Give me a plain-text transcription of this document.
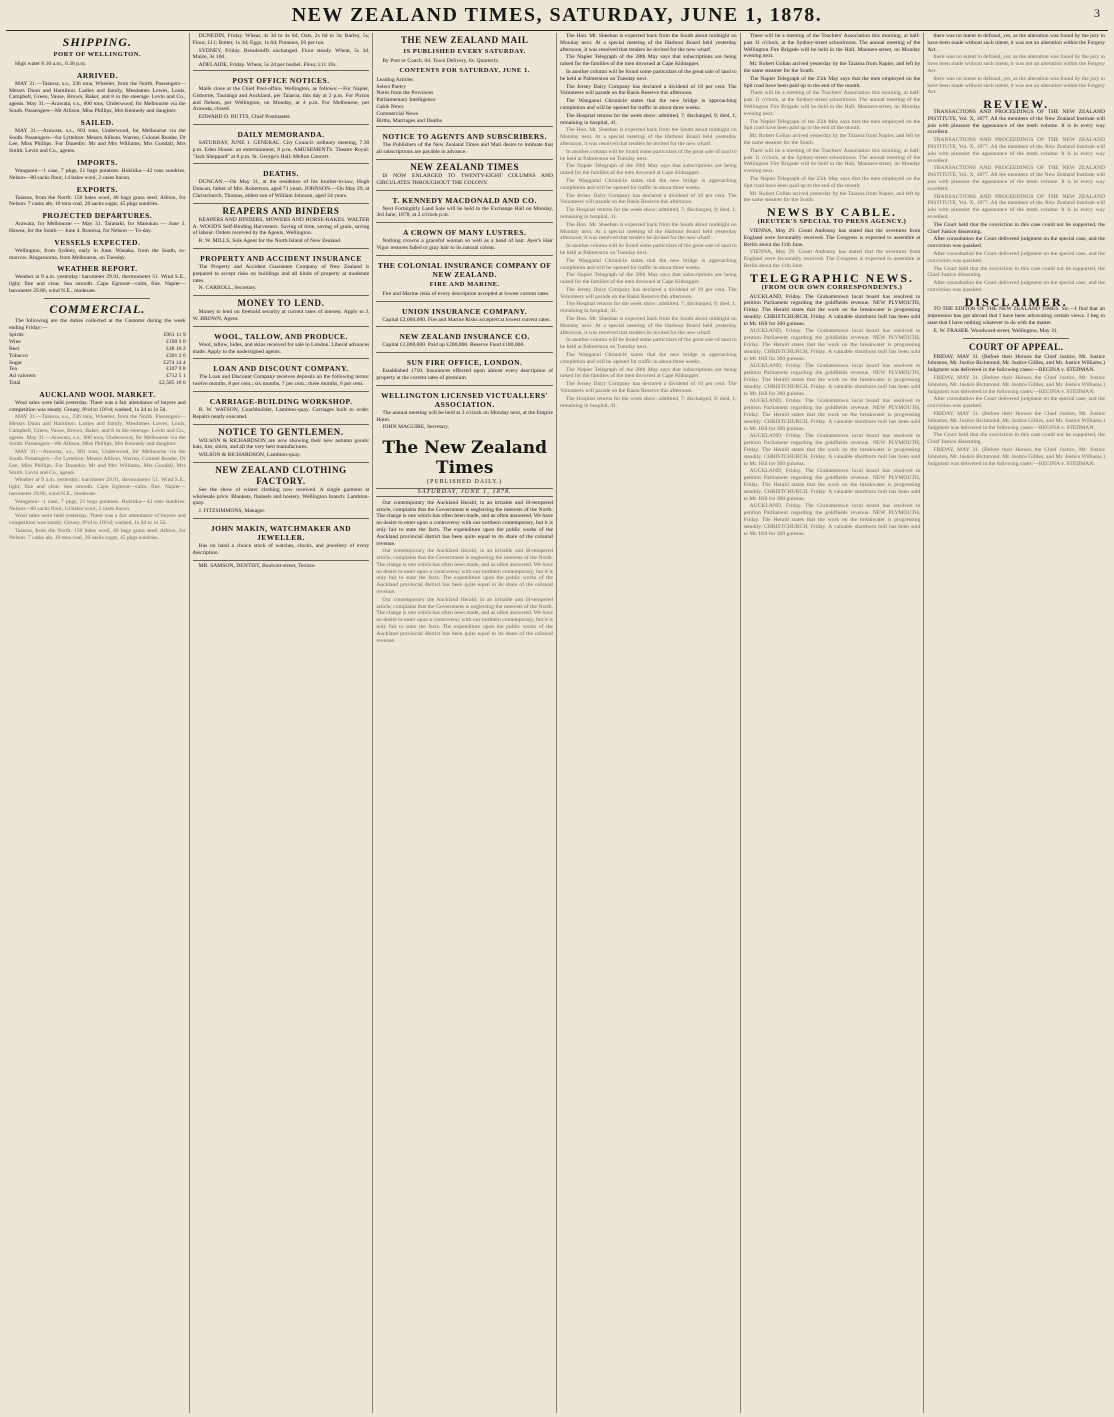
NEW ZEALAND TIMES, SATURDAY, JUNE 1, 1878.	3
SHIPPING.
PORT OF WELLINGTON.

High water 6.10 a.m., 6.38 p.m.

ARRIVED.

MAY 31.—Taiaroa, s.s., 236 tons, Wheeler, from the North. Passengers—Messrs Dunn and Hamilton. Ladies and family, Mesdames Lowes, Louis, Campbell, Green, Vause, Brown, Baker, and 8 in the steerage. Levin and Co., agents. May 31.—Arawata, s.s., 600 tons, Underwood, for Melbourne via the South. Passengers—Mr Allison, Miss Phillips, Mrs Kennedy and daughter.

SAILED.

MAY 31.—Arawata, s.s., 601 tons, Underwood, for Melbourne via the South. Passengers—for Lyttelton: Messrs Allison, Warren, Colonel Reader, Dr Lee, Miss Phillips. For Dunedin: Mr and Mrs Williams, Mrs Goodall, Mrs Smith. Levin and Co., agents.

IMPORTS.

Wanganui—1 case, 7 pkgs, 21 bags potatoes. Hokitika—42 tons sundries. Nelson—80 sacks flour, 14 bales wool, 2 cases bacon.

EXPORTS.

Taiaroa, from the North: 150 bales wool, 40 bags grass seed. Albion, for Nelson: 7 casks ale, 10 tons coal, 20 sacks sugar, 45 pkgs sundries.

PROJECTED DEPARTURES.

Arawata, for Melbourne — May 31. Taranaki, for Manukau — June 3. Hawea, for the South — June 4. Rotorua, for Nelson — To-day.

VESSELS EXPECTED.

Wellington, from Sydney, early in June. Wanaka, from the South, to-morrow. Ringarooma, from Melbourne, on Tuesday.

WEATHER REPORT.

Weather at 9 a.m. yesterday: barometer 29.91, thermometer 51. Wind S.E., light; fine and clear. Sea smooth. Cape Egmont—calm, fine. Napier—barometer 29.86, wind N.E., moderate.

COMMERCIAL.

The following are the duties collected at the Customs during the week ending Friday:—

Spirits	£961 11 9
Wine	£180 3 0
Beer	£48 10 2
Tobacco	£301 2 6
Sugar	£274 14 4
Tea	£107 9 8
Ad valorem	£712 5 1
Total	£2,585 16 6
AUCKLAND WOOL MARKET.

Wool sales were held yesterday. There was a fair attendance of buyers and competition was steady. Greasy, 8½d to 10½d; washed, 1s 2d to 1s 5d.

MAY 31.—Taiaroa, s.s., 236 tons, Wheeler, from the North. Passengers—Messrs Dunn and Hamilton. Ladies and family, Mesdames Lowes, Louis, Campbell, Green, Vause, Brown, Baker, and 8 in the steerage. Levin and Co., agents. May 31.—Arawata, s.s., 600 tons, Underwood, for Melbourne via the South. Passengers—Mr Allison, Miss Phillips, Mrs Kennedy and daughter.

MAY 31.—Arawata, s.s., 601 tons, Underwood, for Melbourne via the South. Passengers—for Lyttelton: Messrs Allison, Warren, Colonel Reader, Dr Lee, Miss Phillips. For Dunedin: Mr and Mrs Williams, Mrs Goodall, Mrs Smith. Levin and Co., agents.

Weather at 9 a.m. yesterday: barometer 29.91, thermometer 51. Wind S.E., light; fine and clear. Sea smooth. Cape Egmont—calm, fine. Napier—barometer 29.86, wind N.E., moderate.

Wanganui—1 case, 7 pkgs, 21 bags potatoes. Hokitika—42 tons sundries. Nelson—80 sacks flour, 14 bales wool, 2 cases bacon.

Wool sales were held yesterday. There was a fair attendance of buyers and competition was steady. Greasy, 8½d to 10½d; washed, 1s 2d to 1s 5d.

Taiaroa, from the North: 150 bales wool, 40 bags grass seed. Albion, for Nelson: 7 casks ale, 10 tons coal, 20 sacks sugar, 45 pkgs sundries.

DUNEDIN, Friday. Wheat, 4s 3d to 4s 6d; Oats, 2s 6d to 3s; Barley, 5s; Flour, £11; Butter, 1s 3d; Eggs, 1s 6d; Potatoes, £6 per ton.

SYDNEY, Friday. Breadstuffs unchanged. Flour steady. Wheat, 5s 3d. Maize, 3s 10d.

ADELAIDE, Friday. Wheat, 5s 2d per bushel. Flour, £11 10s.

POST OFFICE NOTICES.

Mails close at the Chief Post-office, Wellington, as follows:—For Napier, Gisborne, Tauranga and Auckland, per Taiaroa, this day at 2 p.m. For Picton and Nelson, per Wellington, on Monday, at 4 p.m. For Melbourne, per Arawata, closed.

EDWARD D. BUTTS, Chief Postmaster.

DAILY MEMORANDA.

SATURDAY, JUNE 1. GENERAL. City Council: ordinary meeting, 7.30 p.m. Eden House: an entertainment, 8 p.m. AMUSEMENTS. Theatre Royal: "Jack Sheppard" at 8 p.m. St. George's Hall: Mellon Concert.

DEATHS.

DUNCAN.—On May 31, at the residence of his brother-in-law, Hugh Duncan, father of Mrs. Robertson, aged 71 years. JOHNSON.—On May 29, at Christchurch, Thomas, eldest son of William Johnson, aged 24 years.

REAPERS AND BINDERS

REAPERS AND BINDERS, MOWERS AND HORSE-RAKES. WALTER A. WOOD'S Self-Binding Harvesters. Saving of time, saving of grain, saving of labour. Orders received by the Agents, Wellington.

R. W. MILLS, Sole Agent for the North Island of New Zealand.

PROPERTY AND ACCIDENT INSURANCE

The Property and Accident Guarantee Company of New Zealand is prepared to accept risks on buildings and all kinds of property at moderate rates.

N. CARROLL, Secretary.

MONEY TO LEND.

Money to lend on freehold security at current rates of interest. Apply to J. W. BROWN, Agent.

WOOL, TALLOW, AND PRODUCE.

Wool, tallow, hides, and skins received for sale in London. Liberal advances made. Apply to the undersigned agents.

LOAN AND DISCOUNT COMPANY.

The Loan and Discount Company receives deposits on the following terms: twelve months, 8 per cent.; six months, 7 per cent.; three months, 6 per cent.

CARRIAGE-BUILDING WORKSHOP.

R. W. WATSON, Coachbuilder, Lambton-quay. Carriages built to order. Repairs neatly executed.

NOTICE TO GENTLEMEN.

WILSON & RICHARDSON are now showing their new autumn goods: hats, ties, shirts, and all the very best manufactures.

WILSON & RICHARDSON, Lambton-quay.

NEW ZEALAND CLOTHING FACTORY.

See the show of winter clothing now received. A single garment at wholesale price. Blankets, flannels and hosiery. Wellington branch: Lambton-quay.

J. FITZSIMMONS, Manager.

JOHN MAKIN, WATCHMAKER AND JEWELLER.

Has on hand a choice stock of watches, clocks, and jewellery of every description.

MR. SAMSON, DENTIST, Boulcott-street, Terrace.

THE NEW ZEALAND MAIL
IS PUBLISHED EVERY SATURDAY.

By Post or Coach, 6d. Town Delivery, 6s. Quarterly.

CONTENTS FOR SATURDAY, JUNE 1.
Leading Articles
Select Poetry
Notes from the Provinces
Parliamentary Intelligence
Cable News
Commercial News
Births, Marriages and Deaths
NOTICE TO AGENTS AND SUBSCRIBERS.

The Publishers of the New Zealand Times and Mail desire to intimate that all subscriptions are payable in advance.

NEW ZEALAND TIMES

IS NOW ENLARGED TO TWENTY-EIGHT COLUMNS AND CIRCULATES THROUGHOUT THE COLONY.

T. KENNEDY MACDONALD AND CO.

Next Fortnightly Land Sale will be held in the Exchange Hall on Monday, 3rd June, 1878, at 2 o'clock p.m.

A CROWN OF MANY LUSTRES.

Nothing crowns a graceful woman so well as a head of hair. Ayer's Hair Vigor restores faded or gray hair to its natural colour.

THE COLONIAL INSURANCE COMPANY OF NEW ZEALAND.
FIRE AND MARINE.

Fire and Marine risks of every description accepted at lowest current rates.

UNION INSURANCE COMPANY.

Capital £2,000,000. Fire and Marine Risks accepted at lowest current rates.

NEW ZEALAND INSURANCE CO.

Capital £1,000,000. Paid up £200,000. Reserve Fund £180,000.

SUN FIRE OFFICE, LONDON.

Established 1710. Insurances effected upon almost every description of property at the current rates of premium.

WELLINGTON LICENSED VICTUALLERS' ASSOCIATION.

The annual meeting will be held at 3 o'clock on Monday next, at the Empire Hotel.

JOHN MAGUIRE, Secretary.

The New Zealand Times
(PUBLISHED DAILY.)
SATURDAY, JUNE 1, 1878.

Our contemporary the Auckland Herald, in an irritable and ill-tempered article, complains that the Government is neglecting the interests of the North. The charge is one which has often been made, and as often answered. We have no desire to enter upon a controversy with our northern contemporary, but it is only fair to state the facts. The expenditure upon the public works of the Auckland provincial district has been quite equal to its share of the colonial revenue.

Our contemporary the Auckland Herald, in an irritable and ill-tempered article, complains that the Government is neglecting the interests of the North. The charge is one which has often been made, and as often answered. We have no desire to enter upon a controversy with our northern contemporary, but it is only fair to state the facts. The expenditure upon the public works of the Auckland provincial district has been quite equal to its share of the colonial revenue.

Our contemporary the Auckland Herald, in an irritable and ill-tempered article, complains that the Government is neglecting the interests of the North. The charge is one which has often been made, and as often answered. We have no desire to enter upon a controversy with our northern contemporary, but it is only fair to state the facts. The expenditure upon the public works of the Auckland provincial district has been quite equal to its share of the colonial revenue.

The Hon. Mr. Sheehan is expected back from the South about midnight on Monday next. At a special meeting of the Harbour Board held yesterday afternoon, it was resolved that tenders be invited for the new wharf.

The Napier Telegraph of the 28th May says that subscriptions are being raised for the families of the men drowned at Cape Kidnapper.

In another column will be found some particulars of the great sale of land to be held at Palmerston on Tuesday next.

The Jersey Dairy Company has declared a dividend of 10 per cent. The Volunteers will parade on the Basin Reserve this afternoon.

The Wanganui Chronicle states that the new bridge is approaching completion and will be opened for traffic in about three weeks.

The Hospital returns for the week show: admitted, 7; discharged, 9; died, 1; remaining in hospital, 41.

The Hon. Mr. Sheehan is expected back from the South about midnight on Monday next. At a special meeting of the Harbour Board held yesterday afternoon, it was resolved that tenders be invited for the new wharf.

In another column will be found some particulars of the great sale of land to be held at Palmerston on Tuesday next.

The Napier Telegraph of the 28th May says that subscriptions are being raised for the families of the men drowned at Cape Kidnapper.

The Wanganui Chronicle states that the new bridge is approaching completion and will be opened for traffic in about three weeks.

The Jersey Dairy Company has declared a dividend of 10 per cent. The Volunteers will parade on the Basin Reserve this afternoon.

The Hospital returns for the week show: admitted, 7; discharged, 9; died, 1; remaining in hospital, 41.

The Hon. Mr. Sheehan is expected back from the South about midnight on Monday next. At a special meeting of the Harbour Board held yesterday afternoon, it was resolved that tenders be invited for the new wharf.

In another column will be found some particulars of the great sale of land to be held at Palmerston on Tuesday next.

The Wanganui Chronicle states that the new bridge is approaching completion and will be opened for traffic in about three weeks.

The Napier Telegraph of the 28th May says that subscriptions are being raised for the families of the men drowned at Cape Kidnapper.

The Jersey Dairy Company has declared a dividend of 10 per cent. The Volunteers will parade on the Basin Reserve this afternoon.

The Hospital returns for the week show: admitted, 7; discharged, 9; died, 1; remaining in hospital, 41.

The Hon. Mr. Sheehan is expected back from the South about midnight on Monday next. At a special meeting of the Harbour Board held yesterday afternoon, it was resolved that tenders be invited for the new wharf.

In another column will be found some particulars of the great sale of land to be held at Palmerston on Tuesday next.

The Wanganui Chronicle states that the new bridge is approaching completion and will be opened for traffic in about three weeks.

The Napier Telegraph of the 28th May says that subscriptions are being raised for the families of the men drowned at Cape Kidnapper.

The Jersey Dairy Company has declared a dividend of 10 per cent. The Volunteers will parade on the Basin Reserve this afternoon.

The Hospital returns for the week show: admitted, 7; discharged, 9; died, 1; remaining in hospital, 41.

There will be a meeting of the Teachers' Association this morning, at half-past 11 o'clock, at the Sydney-street schoolroom. The annual meeting of the Wellington Fire Brigade will be held in the Hall, Manners-street, on Monday evening next.

Mr. Robert Gollan arrived yesterday by the Taiaroa from Napier, and left by the same steamer for the South.

The Napier Telegraph of the 25th May says that the men employed on the Spit road have been paid up to the end of the month.

There will be a meeting of the Teachers' Association this morning, at half-past 11 o'clock, at the Sydney-street schoolroom. The annual meeting of the Wellington Fire Brigade will be held in the Hall, Manners-street, on Monday evening next.

The Napier Telegraph of the 25th May says that the men employed on the Spit road have been paid up to the end of the month.

Mr. Robert Gollan arrived yesterday by the Taiaroa from Napier, and left by the same steamer for the South.

There will be a meeting of the Teachers' Association this morning, at half-past 11 o'clock, at the Sydney-street schoolroom. The annual meeting of the Wellington Fire Brigade will be held in the Hall, Manners-street, on Monday evening next.

The Napier Telegraph of the 25th May says that the men employed on the Spit road have been paid up to the end of the month.

Mr. Robert Gollan arrived yesterday by the Taiaroa from Napier, and left by the same steamer for the South.

NEWS BY CABLE.
(REUTER'S SPECIAL TO PRESS AGENCY.)

VIENNA, May 29. Count Andrassy has stated that the overtures from England were favourably received. The Congress is expected to assemble at Berlin about the 11th June.

VIENNA, May 29. Count Andrassy has stated that the overtures from England were favourably received. The Congress is expected to assemble at Berlin about the 11th June.

TELEGRAPHIC NEWS.
(FROM OUR OWN CORRESPONDENTS.)

AUCKLAND, Friday. The Grahamstown local board has resolved to petition Parliament regarding the goldfields revenue. NEW PLYMOUTH, Friday. The Herald states that the work on the breakwater is progressing steadily. CHRISTCHURCH, Friday. A valuable shorthorn bull has been sold to Mr. Hill for 300 guineas.

AUCKLAND, Friday. The Grahamstown local board has resolved to petition Parliament regarding the goldfields revenue. NEW PLYMOUTH, Friday. The Herald states that the work on the breakwater is progressing steadily. CHRISTCHURCH, Friday. A valuable shorthorn bull has been sold to Mr. Hill for 300 guineas.

AUCKLAND, Friday. The Grahamstown local board has resolved to petition Parliament regarding the goldfields revenue. NEW PLYMOUTH, Friday. The Herald states that the work on the breakwater is progressing steadily. CHRISTCHURCH, Friday. A valuable shorthorn bull has been sold to Mr. Hill for 300 guineas.

AUCKLAND, Friday. The Grahamstown local board has resolved to petition Parliament regarding the goldfields revenue. NEW PLYMOUTH, Friday. The Herald states that the work on the breakwater is progressing steadily. CHRISTCHURCH, Friday. A valuable shorthorn bull has been sold to Mr. Hill for 300 guineas.

AUCKLAND, Friday. The Grahamstown local board has resolved to petition Parliament regarding the goldfields revenue. NEW PLYMOUTH, Friday. The Herald states that the work on the breakwater is progressing steadily. CHRISTCHURCH, Friday. A valuable shorthorn bull has been sold to Mr. Hill for 300 guineas.

AUCKLAND, Friday. The Grahamstown local board has resolved to petition Parliament regarding the goldfields revenue. NEW PLYMOUTH, Friday. The Herald states that the work on the breakwater is progressing steadily. CHRISTCHURCH, Friday. A valuable shorthorn bull has been sold to Mr. Hill for 300 guineas.

AUCKLAND, Friday. The Grahamstown local board has resolved to petition Parliament regarding the goldfields revenue. NEW PLYMOUTH, Friday. The Herald states that the work on the breakwater is progressing steadily. CHRISTCHURCH, Friday. A valuable shorthorn bull has been sold to Mr. Hill for 300 guineas.

there was no intent to defraud, yet, as the alteration was found by the jury to have been made without such intent, it was not an alteration within the Forgery Act.

there was no intent to defraud, yet, as the alteration was found by the jury to have been made without such intent, it was not an alteration within the Forgery Act.

there was no intent to defraud, yet, as the alteration was found by the jury to have been made without such intent, it was not an alteration within the Forgery Act.

REVIEW.

TRANSACTIONS AND PROCEEDINGS OF THE NEW ZEALAND INSTITUTE, Vol. X, 1877. All the members of the New Zealand Institute will join with pleasure the appearance of the tenth volume. It is in every way excellent.

TRANSACTIONS AND PROCEEDINGS OF THE NEW ZEALAND INSTITUTE, Vol. X, 1877. All the members of the New Zealand Institute will join with pleasure the appearance of the tenth volume. It is in every way excellent.

TRANSACTIONS AND PROCEEDINGS OF THE NEW ZEALAND INSTITUTE, Vol. X, 1877. All the members of the New Zealand Institute will join with pleasure the appearance of the tenth volume. It is in every way excellent.

TRANSACTIONS AND PROCEEDINGS OF THE NEW ZEALAND INSTITUTE, Vol. X, 1877. All the members of the New Zealand Institute will join with pleasure the appearance of the tenth volume. It is in every way excellent.

The Court held that the conviction in this case could not be supported, the Chief Justice dissenting.

After consultation the Court delivered judgment on the special case, and the conviction was quashed.

After consultation the Court delivered judgment on the special case, and the conviction was quashed.

The Court held that the conviction in this case could not be supported, the Chief Justice dissenting.

After consultation the Court delivered judgment on the special case, and the conviction was quashed.

DISCLAIMER.

TO THE EDITOR OF THE NEW ZEALAND TIMES. Sir,—I find that an impression has got abroad that I have been advocating certain views. I beg to state that I have nothing whatever to do with the matter.

E. W. FRASER. Woodward-street, Wellington, May 31.

COURT OF APPEAL.

FRIDAY, MAY 31. (Before their Honors the Chief Justice, Mr. Justice Johnston, Mr. Justice Richmond, Mr. Justice Gillies, and Mr. Justice Williams.) Judgment was delivered in the following cases:—REGINA v. STEDMAN.

FRIDAY, MAY 31. (Before their Honors the Chief Justice, Mr. Justice Johnston, Mr. Justice Richmond, Mr. Justice Gillies, and Mr. Justice Williams.) Judgment was delivered in the following cases:—REGINA v. STEDMAN.

After consultation the Court delivered judgment on the special case, and the conviction was quashed.

FRIDAY, MAY 31. (Before their Honors the Chief Justice, Mr. Justice Johnston, Mr. Justice Richmond, Mr. Justice Gillies, and Mr. Justice Williams.) Judgment was delivered in the following cases:—REGINA v. STEDMAN.

The Court held that the conviction in this case could not be supported, the Chief Justice dissenting.

FRIDAY, MAY 31. (Before their Honors the Chief Justice, Mr. Justice Johnston, Mr. Justice Richmond, Mr. Justice Gillies, and Mr. Justice Williams.) Judgment was delivered in the following cases:—REGINA v. STEDMAN.
